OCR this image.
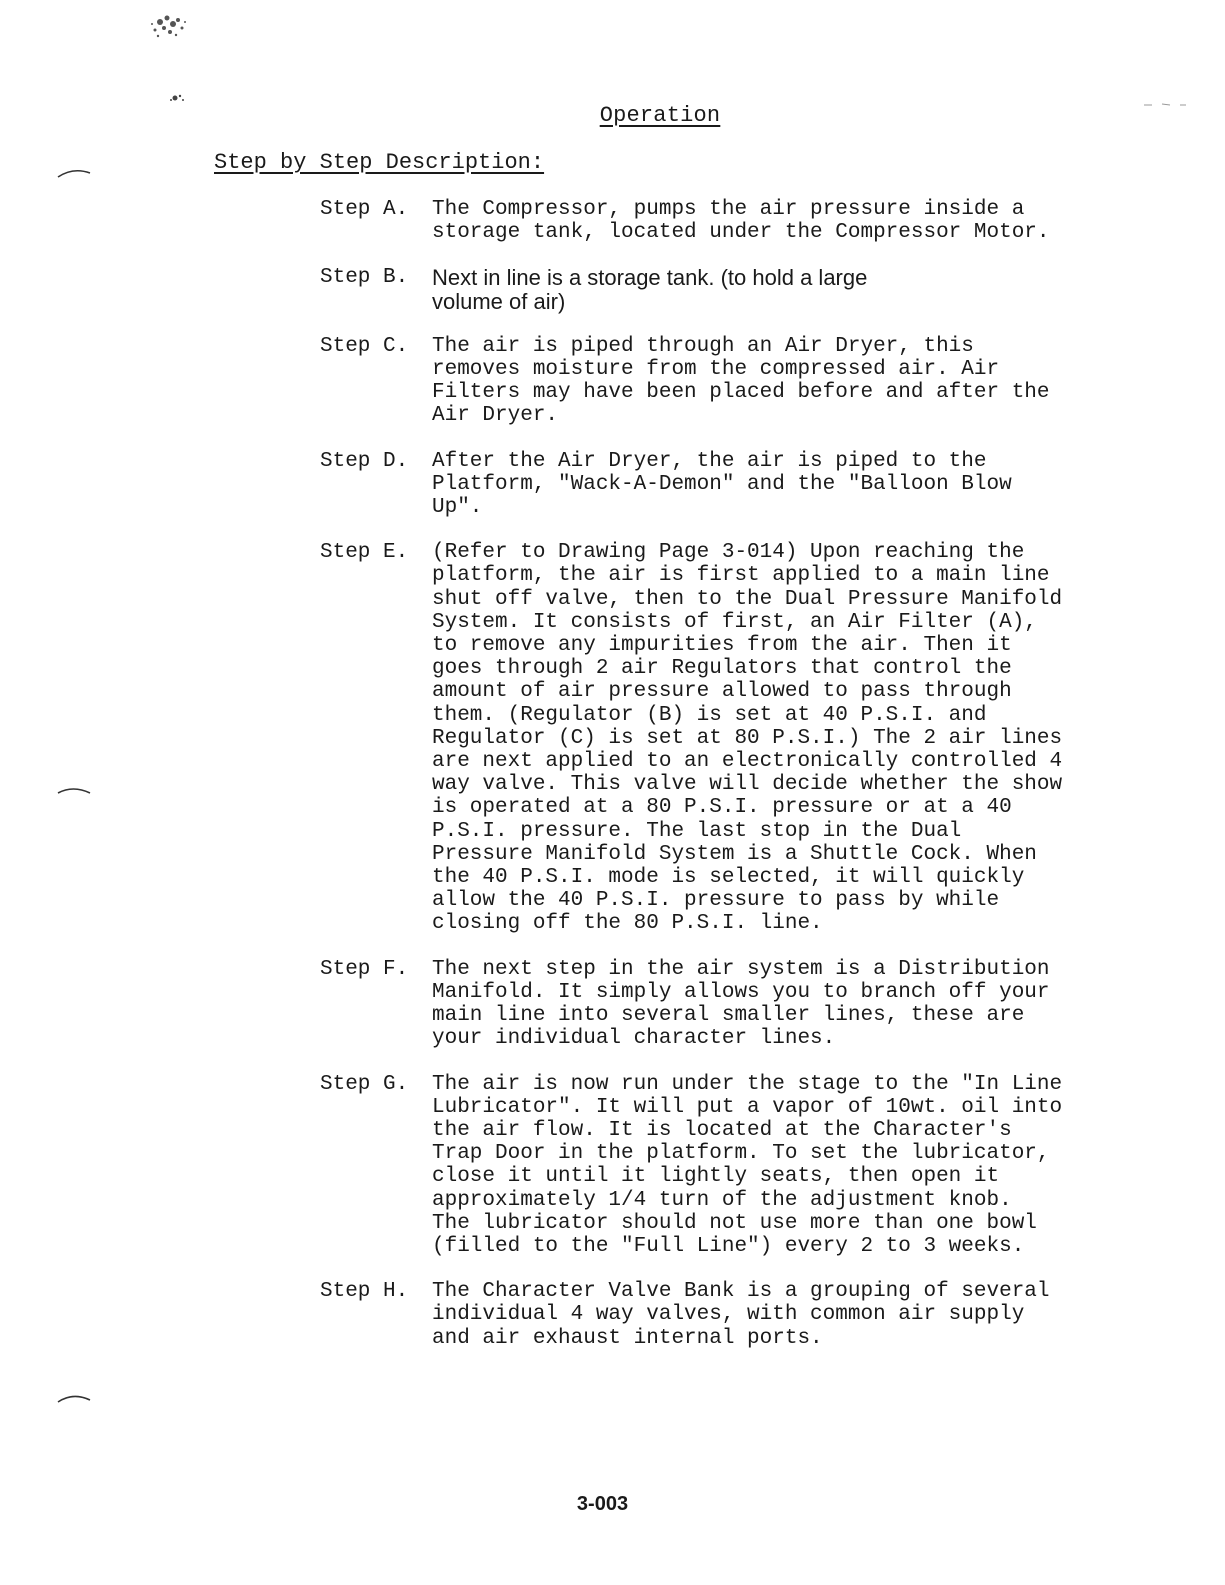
Operation
Step by Step Description:
Step A.	The Compressor, pumps the air pressure inside a
storage tank, located under the Compressor Motor.
Step B.	Next in line is a storage tank. (to hold a large
volume of air)
Step C.	The air is piped through an Air Dryer, this
removes moisture from the compressed air. Air
Filters may have been placed before and after the
Air Dryer.
Step D.	After the Air Dryer, the air is piped to the
Platform, "Wack-A-Demon" and the "Balloon Blow
Up".
Step E.	(Refer to Drawing Page 3-014) Upon reaching the
platform, the air is first applied to a main line
shut off valve, then to the Dual Pressure Manifold
System. It consists of first, an Air Filter (A),
to remove any impurities from the air. Then it
goes through 2 air Regulators that control the
amount of air pressure allowed to pass through
them. (Regulator (B) is set at 40 P.S.I. and
Regulator (C) is set at 80 P.S.I.) The 2 air lines
are next applied to an electronically controlled 4
way valve. This valve will decide whether the show
is operated at a 80 P.S.I. pressure or at a 40
P.S.I. pressure. The last stop in the Dual
Pressure Manifold System is a Shuttle Cock. When
the 40 P.S.I. mode is selected, it will quickly
allow the 40 P.S.I. pressure to pass by while
closing off the 80 P.S.I. line.
Step F.	The next step in the air system is a Distribution
Manifold. It simply allows you to branch off your
main line into several smaller lines, these are
your individual character lines.
Step G.	The air is now run under the stage to the "In Line
Lubricator". It will put a vapor of 10wt. oil into
the air flow. It is located at the Character's
Trap Door in the platform. To set the lubricator,
close it until it lightly seats, then open it
approximately 1/4 turn of the adjustment knob.
The lubricator should not use more than one bowl
(filled to the "Full Line") every 2 to 3 weeks.
Step H.	The Character Valve Bank is a grouping of several
individual 4 way valves, with common air supply
and air exhaust internal ports.
3-003
